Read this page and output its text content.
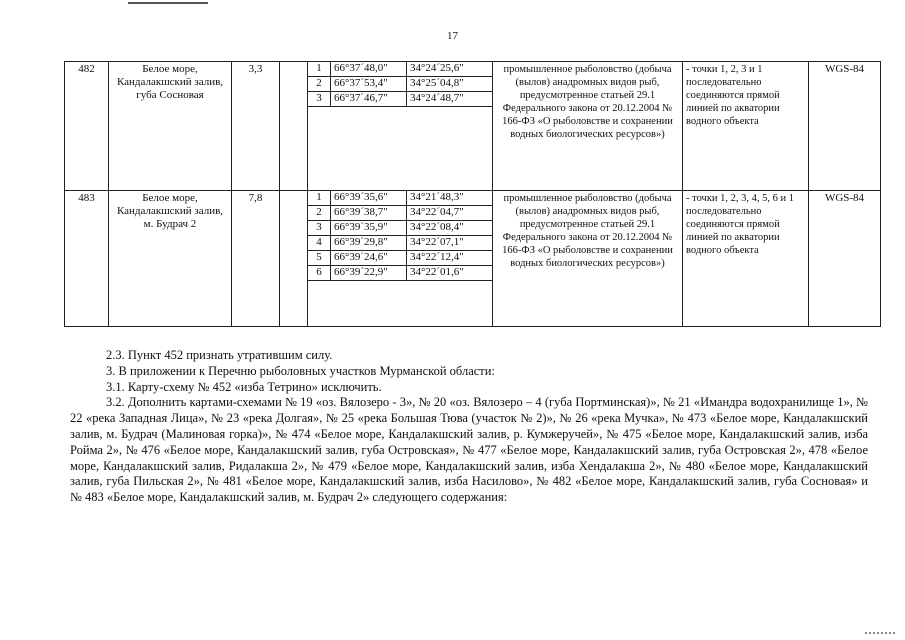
17
482	Белое море, Кандалакшский залив, губа Сосновая	3,3			1	66°37´48,0"	34°24´25,6"
2	66°37´53,4"	34°25´04,8"
3	66°37´46,7"	34°24´48,7"
	промышленное рыболовство (добыча (вылов) анадромных видов рыб, предусмотренное статьей 29.1 Федерального закона от 20.12.2004 № 166-ФЗ «О рыболовстве и сохранении водных биологических ресурсов»)	- точки 1, 2, 3 и 1 последовательно соединяются прямой линией по акватории водного объекта	WGS-84
483	Белое море, Кандалакшский залив, м. Будрач 2	7,8			1	66°39´35,6"	34°21´48,3"
2	66°39´38,7"	34°22´04,7"
3	66°39´35,9"	34°22´08,4"
4	66°39´29,8"	34°22´07,1"
5	66°39´24,6"	34°22´12,4"
6	66°39´22,9"	34°22´01,6"
	промышленное рыболовство (добыча (вылов) анадромных видов рыб, предусмотренное статьей 29.1 Федерального закона от 20.12.2004 № 166-ФЗ «О рыболовстве и сохранении водных биологических ресурсов»)	- точки 1, 2, 3, 4, 5, 6 и 1 последовательно соединяются прямой линией по акватории водного объекта	WGS-84

2.3. Пункт 452 признать утратившим силу.

3. В приложении к Перечню рыболовных участков Мурманской области:

3.1. Карту-схему № 452 «изба Тетрино» исключить.

3.2. Дополнить картами-схемами № 19 «оз. Вялозеро - 3», № 20 «оз. Вялозеро – 4 (губа Портминская)», № 21 «Имандра водохранилище 1», № 22 «река Западная Лица», № 23 «река Долгая», № 25 «река Большая Тюва (участок № 2)», № 26 «река Мучка», № 473 «Белое море, Кандалакшский залив, м. Будрач (Малиновая горка)», № 474 «Белое море, Кандалакшский залив, р. Кумжеручей», № 475 «Белое море, Кандалакшский залив, изба Ройма 2», № 476 «Белое море, Кандалакшский залив, губа Островская», № 477 «Белое море, Кандалакшский залив, губа Островская 2», 478 «Белое море, Кандалакшский залив, Ридалакша 2», № 479 «Белое море, Кандалакшский залив, изба Хендалакша 2», № 480 «Белое море, Кандалакшский залив, губа Пильская 2», № 481 «Белое море, Кандалакшский залив, изба Насилово», № 482 «Белое море, Кандалакшский залив, губа Сосновая» и № 483 «Белое море, Кандалакшский залив, м. Будрач 2» следующего содержания:
